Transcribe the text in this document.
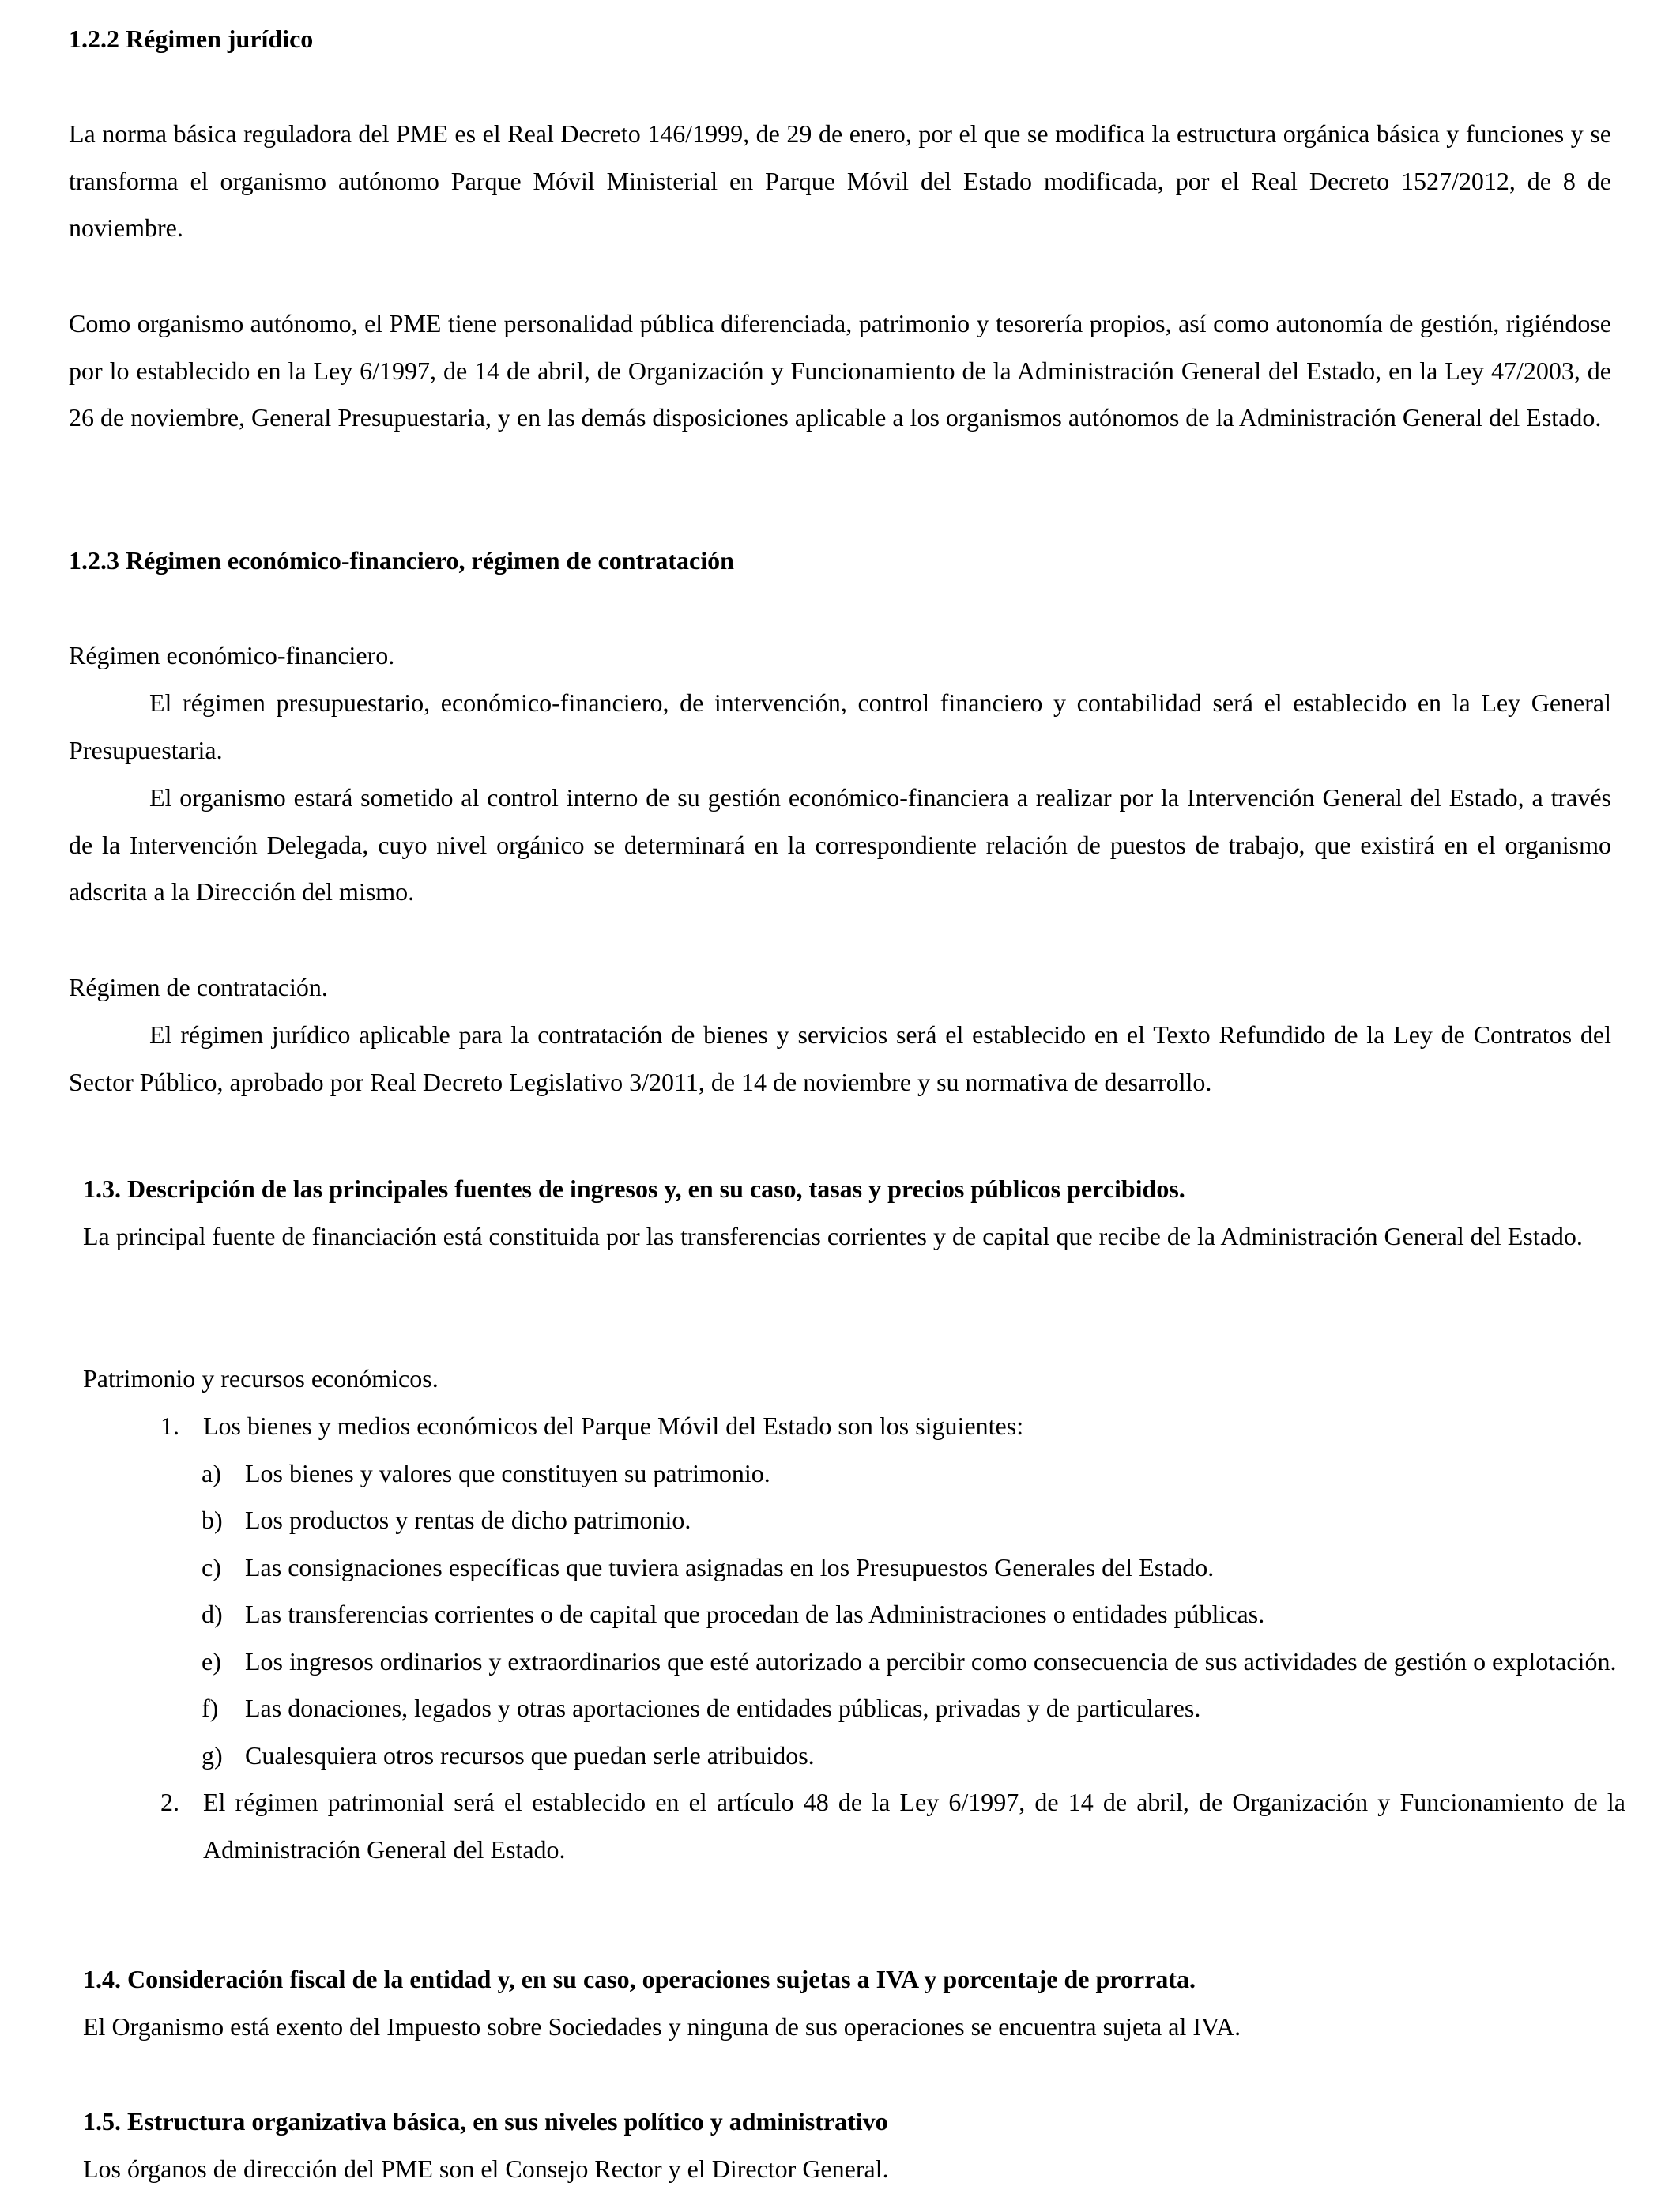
1.2.2 Régimen jurídico
La norma básica reguladora del PME es el Real Decreto 146/1999, de 29 de enero, por el que se modifica la estructura orgánica básica y funciones y se transforma el organismo autónomo Parque Móvil Ministerial en Parque Móvil del Estado modificada, por el Real Decreto 1527/2012, de 8 de noviembre.
Como organismo autónomo, el PME tiene personalidad pública diferenciada, patrimonio y tesorería propios, así como autonomía de gestión, rigiéndose por lo establecido en la Ley 6/1997, de 14 de abril, de Organización y Funcionamiento de la Administración General del Estado, en la Ley 47/2003, de 26 de noviembre, General Presupuestaria, y en las demás disposiciones aplicable a los organismos autónomos de la Administración General del Estado.
1.2.3 Régimen económico-financiero, régimen de contratación
Régimen económico-financiero.
El régimen presupuestario, económico-financiero, de intervención, control financiero y contabilidad será el establecido en la Ley General Presupuestaria.
El organismo estará sometido al control interno de su gestión económico-financiera a realizar por la Intervención General del Estado, a través de la Intervención Delegada, cuyo nivel orgánico se determinará en la correspondiente relación de puestos de trabajo, que existirá en el organismo adscrita a la Dirección del mismo.
Régimen de contratación.
El régimen jurídico aplicable para la contratación de bienes y servicios será el establecido en el Texto Refundido de la Ley de Contratos del Sector Público, aprobado por Real Decreto Legislativo 3/2011, de 14 de noviembre y su normativa de desarrollo.
1.3. Descripción de las principales fuentes de ingresos y, en su caso, tasas y precios públicos percibidos.
La principal fuente de financiación está constituida por las transferencias corrientes y de capital que recibe de la Administración General del Estado.
Patrimonio y recursos económicos.
1. Los bienes y medios económicos del Parque Móvil del Estado son los siguientes:
a) Los bienes y valores que constituyen su patrimonio.
b) Los productos y rentas de dicho patrimonio.
c) Las consignaciones específicas que tuviera asignadas en los Presupuestos Generales del Estado.
d) Las transferencias corrientes o de capital que procedan de las Administraciones o entidades públicas.
e) Los ingresos ordinarios y extraordinarios que esté autorizado a percibir como consecuencia de sus actividades de gestión o explotación.
f) Las donaciones, legados y otras aportaciones de entidades públicas, privadas y de particulares.
g) Cualesquiera otros recursos que puedan serle atribuidos.
2. El régimen patrimonial será el establecido en el artículo 48 de la Ley 6/1997, de 14 de abril, de Organización y Funcionamiento de la Administración General del Estado.
1.4. Consideración fiscal de la entidad y, en su caso, operaciones sujetas a IVA y porcentaje de prorrata.
El Organismo está exento del Impuesto sobre Sociedades y ninguna de sus operaciones se encuentra sujeta al IVA.
1.5. Estructura organizativa básica, en sus niveles político y administrativo
Los órganos de dirección del PME son el Consejo Rector y el Director General.
